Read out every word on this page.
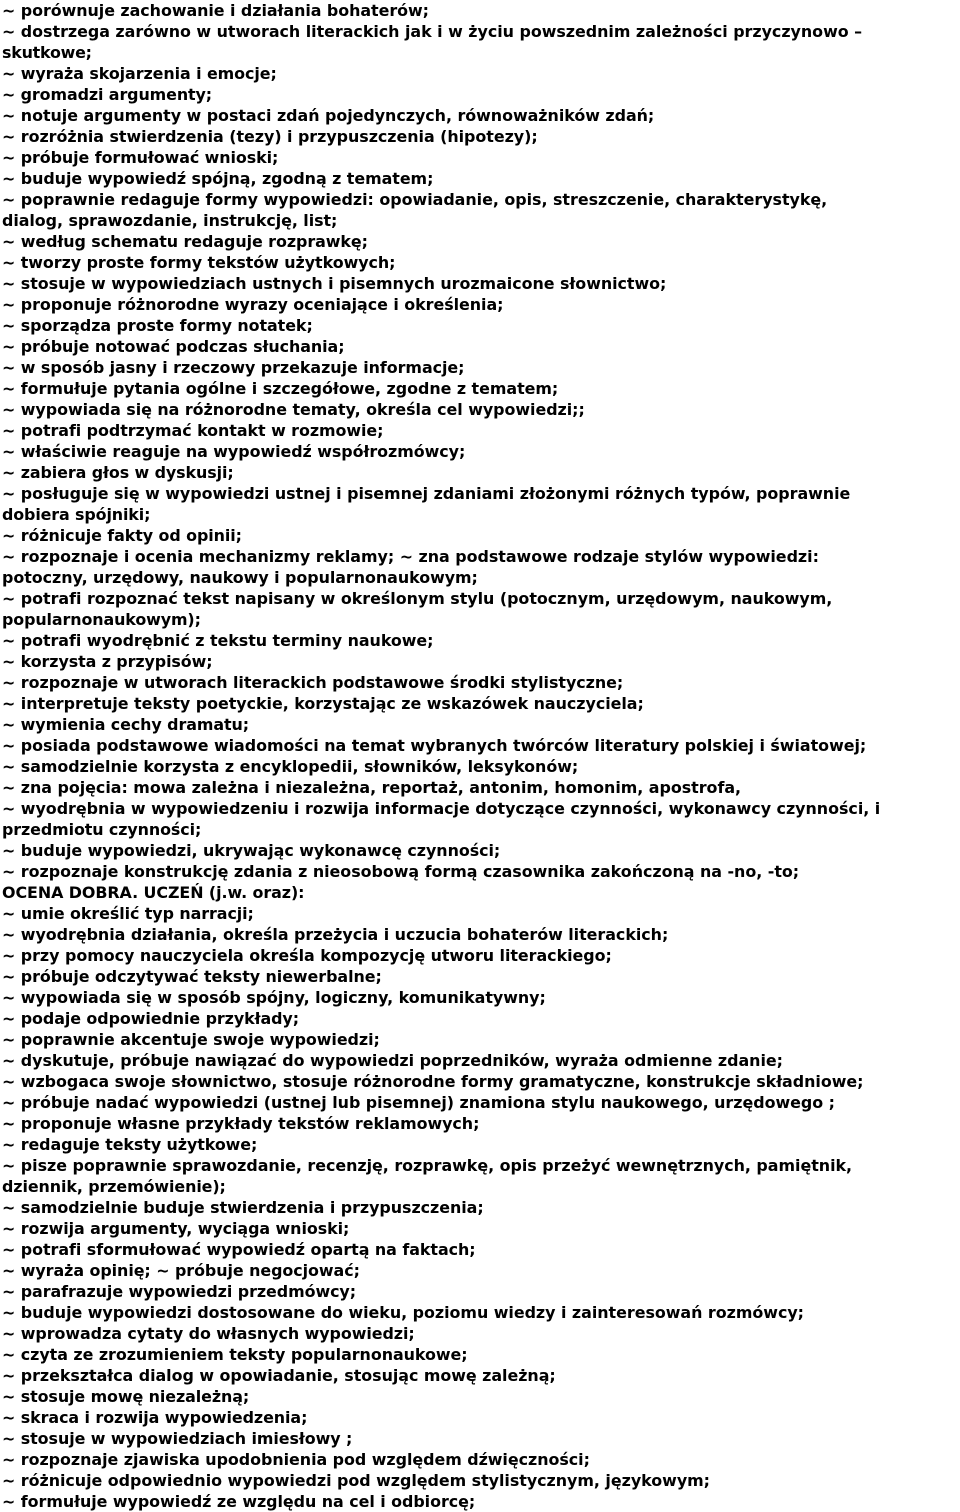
~ porównuje zachowanie i działania bohaterów;
~ dostrzega zarówno w utworach literackich jak i w życiu powszednim zależności przyczynowo –
skutkowe;
~ wyraża skojarzenia i emocje;
~ gromadzi argumenty;
~ notuje argumenty w postaci zdań pojedynczych, równoważników zdań;
~ rozróżnia stwierdzenia (tezy) i przypuszczenia (hipotezy);
~ próbuje formułować wnioski;
~ buduje wypowiedź spójną, zgodną z tematem;
~ poprawnie redaguje formy wypowiedzi: opowiadanie, opis, streszczenie, charakterystykę,
dialog, sprawozdanie, instrukcję, list;
~ według schematu redaguje rozprawkę;
~ tworzy proste formy tekstów użytkowych;
~ stosuje w wypowiedziach ustnych i pisemnych urozmaicone słownictwo;
~ proponuje różnorodne wyrazy oceniające i określenia;
~ sporządza proste formy notatek;
~ próbuje notować podczas słuchania;
~ w sposób jasny i rzeczowy przekazuje informacje;
~ formułuje pytania ogólne i szczegółowe, zgodne z tematem;
~ wypowiada się na różnorodne tematy, określa cel wypowiedzi;;
~ potrafi podtrzymać kontakt w rozmowie;
~ właściwie reaguje na wypowiedź współrozmówcy;
~ zabiera głos w dyskusji;
~ posługuje się w wypowiedzi ustnej i pisemnej zdaniami złożonymi różnych typów, poprawnie
dobiera spójniki;
~ różnicuje fakty od opinii;
~ rozpoznaje i ocenia mechanizmy reklamy; ~ zna podstawowe rodzaje stylów wypowiedzi:
potoczny, urzędowy, naukowy i popularnonaukowym;
~ potrafi rozpoznać tekst napisany w określonym stylu (potocznym, urzędowym, naukowym,
popularnonaukowym);
~ potrafi wyodrębnić z tekstu terminy naukowe;
~ korzysta z przypisów;
~ rozpoznaje w utworach literackich podstawowe środki stylistyczne;
~ interpretuje teksty poetyckie, korzystając ze wskazówek nauczyciela;
~ wymienia cechy dramatu;
~ posiada podstawowe wiadomości na temat wybranych twórców literatury polskiej i światowej;
~ samodzielnie korzysta z encyklopedii, słowników, leksykonów;
~ zna pojęcia: mowa zależna i niezależna, reportaż, antonim, homonim, apostrofa,
~ wyodrębnia w wypowiedzeniu i rozwija informacje dotyczące czynności, wykonawcy czynności, i
przedmiotu czynności;
~ buduje wypowiedzi, ukrywając wykonawcę czynności;
~ rozpoznaje konstrukcję zdania z nieosobową formą czasownika zakończoną na -no, -to;
OCENA DOBRA. UCZEŃ (j.w. oraz):
~ umie określić typ narracji;
~ wyodrębnia działania, określa przeżycia i uczucia bohaterów literackich;
~ przy pomocy nauczyciela określa kompozycję utworu literackiego;
~ próbuje odczytywać teksty niewerbalne;
~ wypowiada się w sposób spójny, logiczny, komunikatywny;
~ podaje odpowiednie przykłady;
~ poprawnie akcentuje swoje wypowiedzi;
~ dyskutuje, próbuje nawiązać do wypowiedzi poprzedników, wyraża odmienne zdanie;
~ wzbogaca swoje słownictwo, stosuje różnorodne formy gramatyczne, konstrukcje składniowe;
~ próbuje nadać wypowiedzi (ustnej lub pisemnej) znamiona stylu naukowego, urzędowego ;
~ proponuje własne przykłady tekstów reklamowych;
~ redaguje teksty użytkowe;
~ pisze poprawnie sprawozdanie, recenzję, rozprawkę, opis przeżyć wewnętrznych, pamiętnik,
dziennik, przemówienie);
~ samodzielnie buduje stwierdzenia i przypuszczenia;
~ rozwija argumenty, wyciąga wnioski;
~ potrafi sformułować wypowiedź opartą na faktach;
~ wyraża opinię; ~ próbuje negocjować;
~ parafrazuje wypowiedzi przedmówcy;
~ buduje wypowiedzi dostosowane do wieku, poziomu wiedzy i zainteresowań rozmówcy;
~ wprowadza cytaty do własnych wypowiedzi;
~ czyta ze zrozumieniem teksty popularnonaukowe;
~ przekształca dialog w opowiadanie, stosując mowę zależną;
~ stosuje mowę niezależną;
~ skraca i rozwija wypowiedzenia;
~ stosuje w wypowiedziach imiesłowy ;
~ rozpoznaje zjawiska upodobnienia pod względem dźwięczności;
~ różnicuje odpowiednio wypowiedzi pod względem stylistycznym, językowym;
~ formułuje wypowiedź ze względu na cel i odbiorcę;
